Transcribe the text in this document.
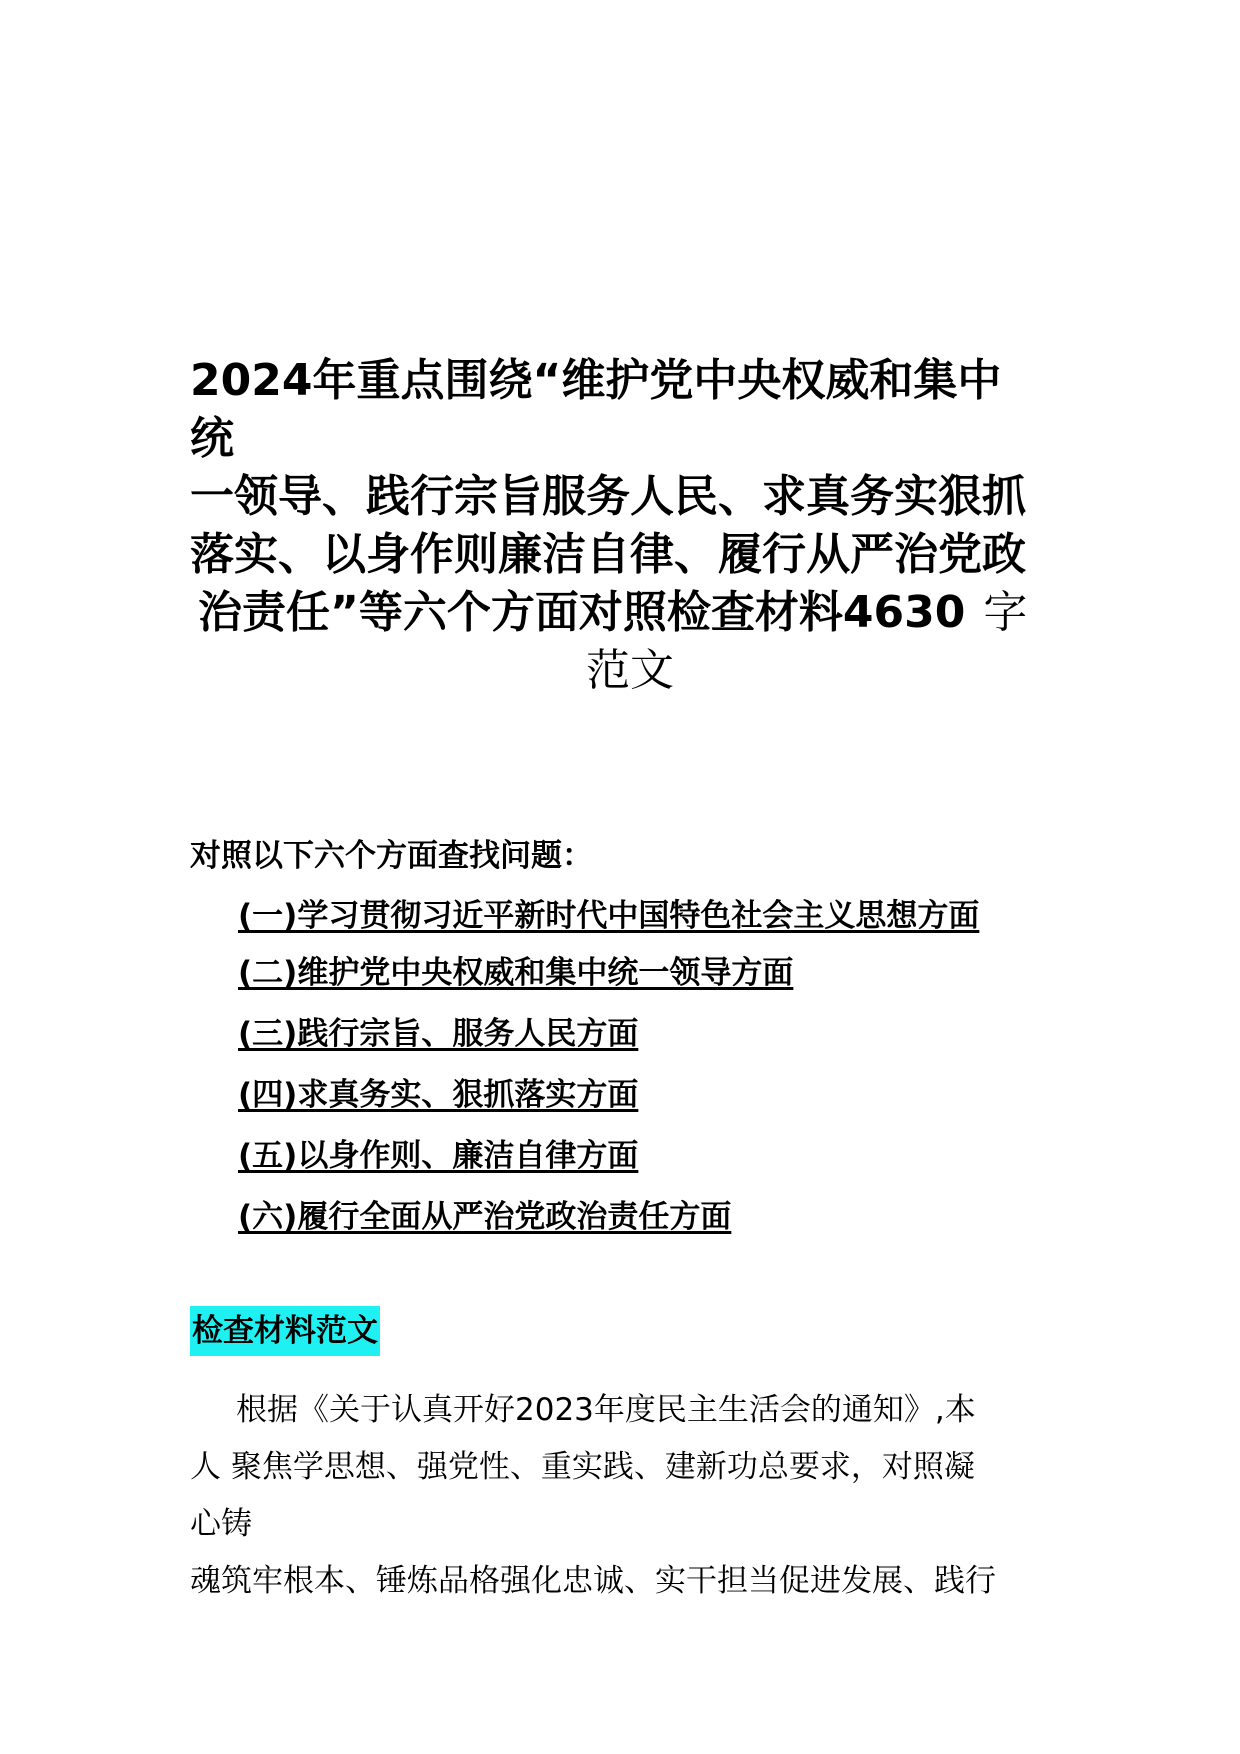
2024年重点围绕“维护党中央权威和集中
统
一领导、践行宗旨服务人民、求真务实狠抓
落实、以身作则廉洁自律、履行从严治党政
治责任”等六个方面对照检查材料4630 字
范文
对照以下六个方面查找问题：
(一)学习贯彻习近平新时代中国特色社会主义思想方面
(二)维护党中央权威和集中统一领导方面
(三)践行宗旨、服务人民方面
(四)求真务实、狠抓落实方面
(五)以身作则、廉洁自律方面
(六)履行全面从严治党政治责任方面
检查材料范文
根据《关于认真开好2023年度民主生活会的通知》,本
人 聚焦学思想、强党性、重实践、建新功总要求，对照凝
心铸
魂筑牢根本、锤炼品格强化忠诚、实干担当促进发展、践行
